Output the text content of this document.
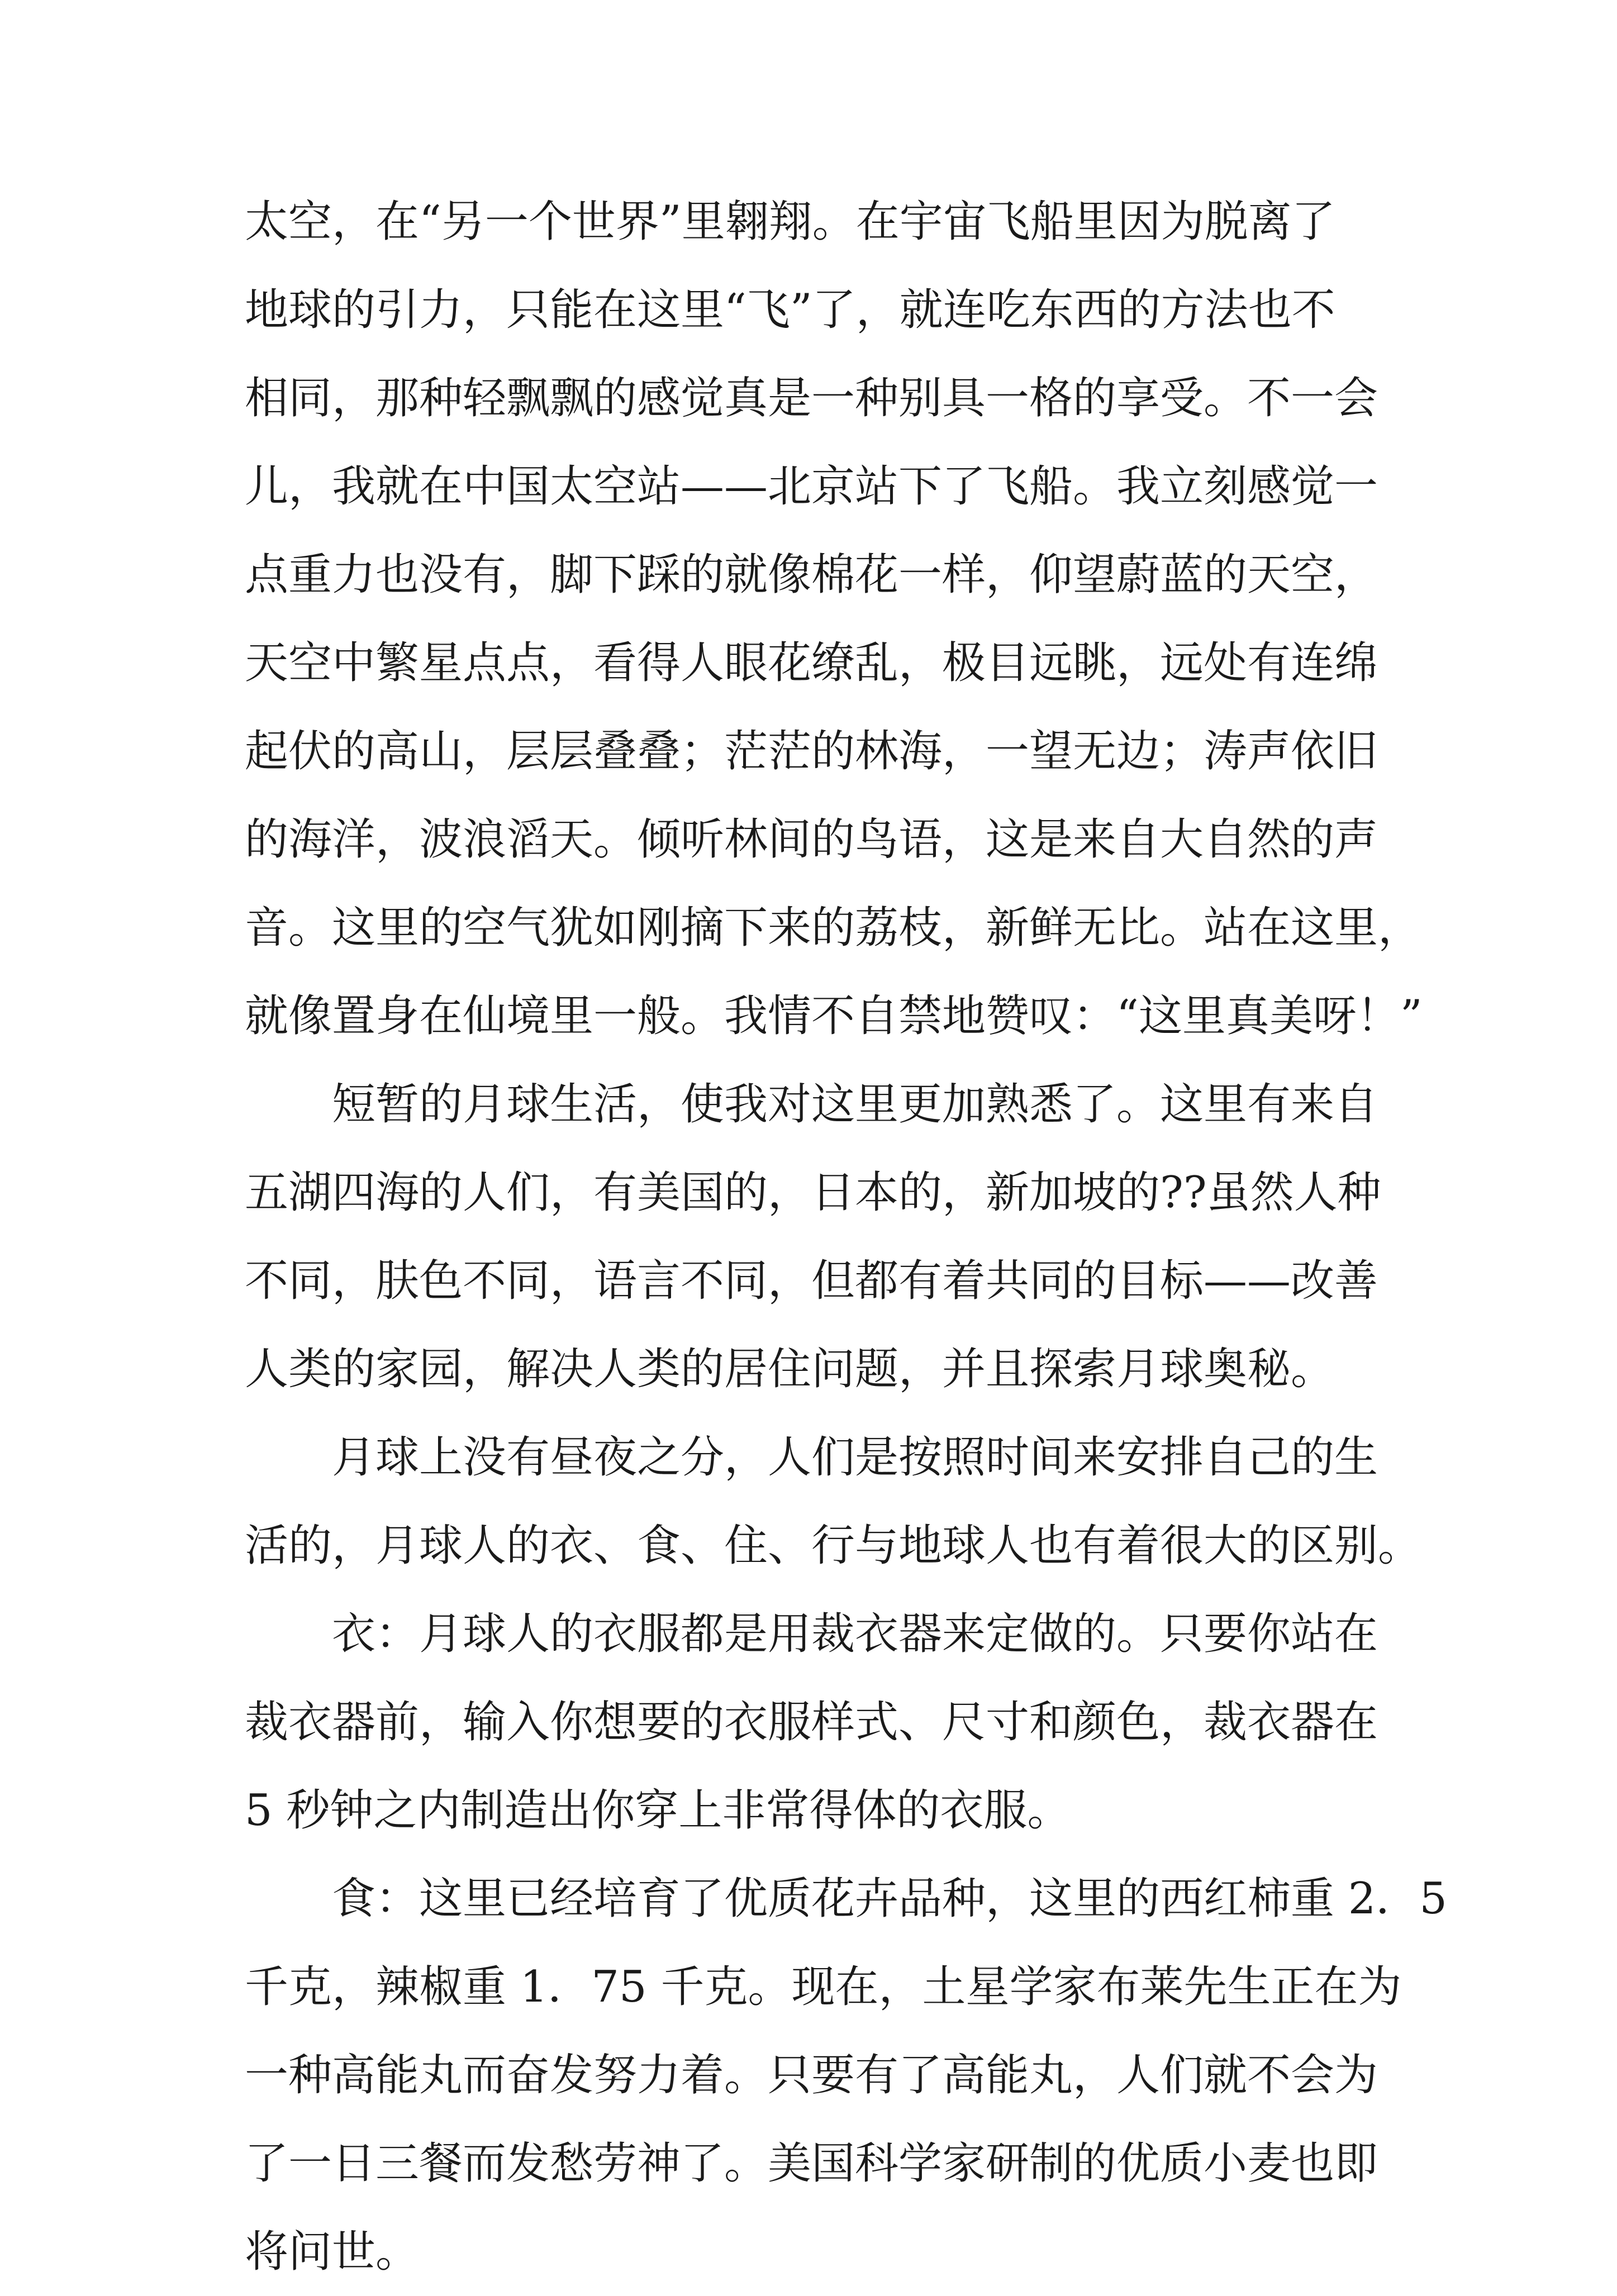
太空，在“另一个世界”里翱翔。在宇宙飞船里因为脱离了
地球的引力，只能在这里“飞”了，就连吃东西的方法也不
相同，那种轻飘飘的感觉真是一种别具一格的享受。不一会
儿，我就在中国太空站——北京站下了飞船。我立刻感觉一
点重力也没有，脚下踩的就像棉花一样，仰望蔚蓝的天空，
天空中繁星点点，看得人眼花缭乱，极目远眺，远处有连绵
起伏的高山，层层叠叠；茫茫的林海，一望无边；涛声依旧
的海洋，波浪滔天。倾听林间的鸟语，这是来自大自然的声
音。这里的空气犹如刚摘下来的荔枝，新鲜无比。站在这里，
就像置身在仙境里一般。我情不自禁地赞叹：“这里真美呀！”
短暂的月球生活，使我对这里更加熟悉了。这里有来自
五湖四海的人们，有美国的，日本的，新加坡的??虽然人种
不同，肤色不同，语言不同，但都有着共同的目标——改善
人类的家园，解决人类的居住问题，并且探索月球奥秘。
月球上没有昼夜之分，人们是按照时间来安排自己的生
活的，月球人的衣、食、住、行与地球人也有着很大的区别。
衣：月球人的衣服都是用裁衣器来定做的。只要你站在
裁衣器前，输入你想要的衣服样式、尺寸和颜色，裁衣器在
5 秒钟之内制造出你穿上非常得体的衣服。
食：这里已经培育了优质花卉品种，这里的西红柿重 2．5
千克，辣椒重 1．75 千克。现在，土星学家布莱先生正在为
一种高能丸而奋发努力着。只要有了高能丸，人们就不会为
了一日三餐而发愁劳神了。美国科学家研制的优质小麦也即
将问世。
